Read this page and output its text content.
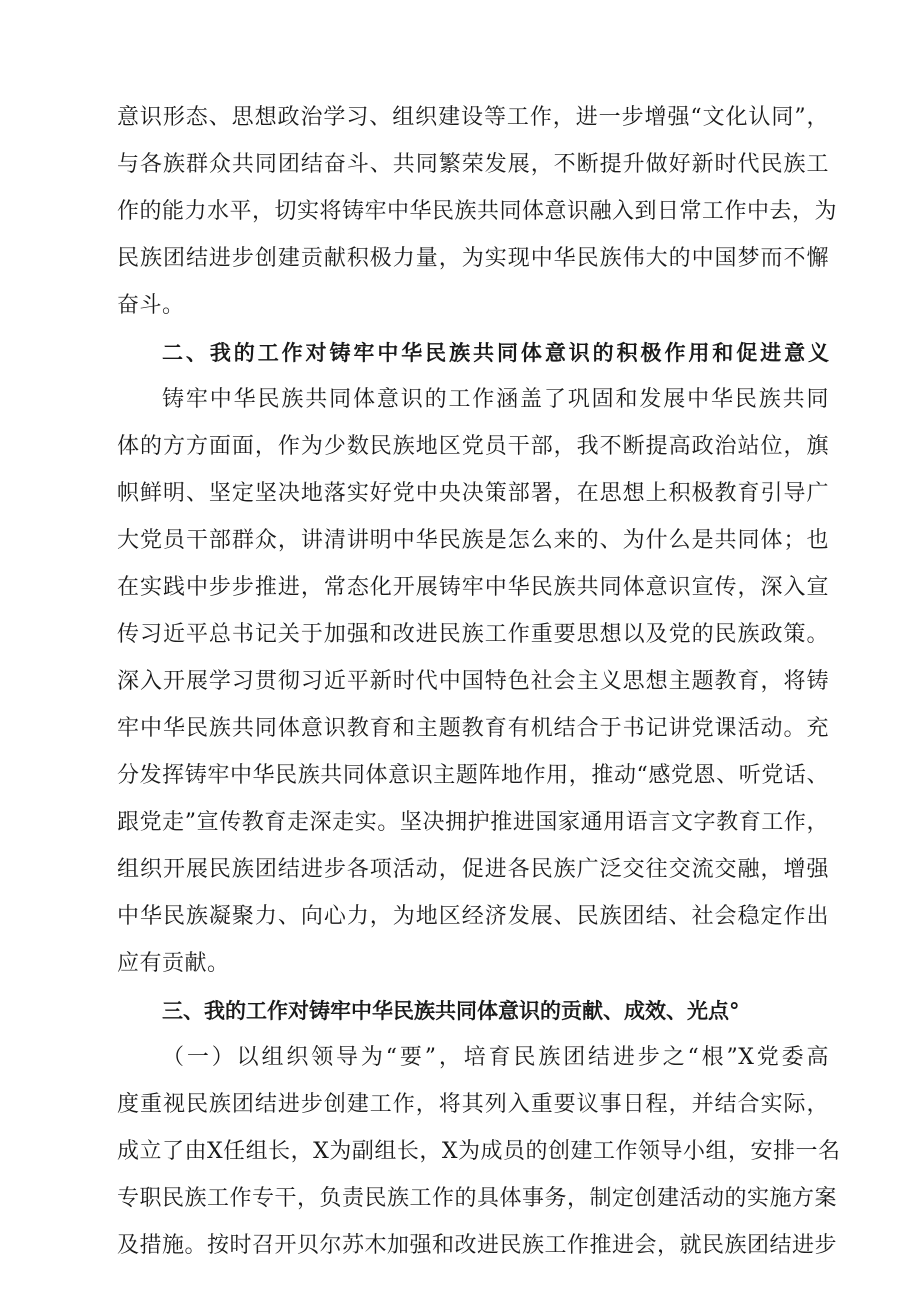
意识形态、思想政治学习、组织建设等工作，进一步增强“文化认同”，
与各族群众共同团结奋斗、共同繁荣发展，不断提升做好新时代民族工
作的能力水平，切实将铸牢中华民族共同体意识融入到日常工作中去，为
民族团结进步创建贡献积极力量，为实现中华民族伟大的中国梦而不懈
奋斗。
二、我的工作对铸牢中华民族共同体意识的积极作用和促进意义
铸牢中华民族共同体意识的工作涵盖了巩固和发展中华民族共同
体的方方面面，作为少数民族地区党员干部，我不断提高政治站位，旗
帜鲜明、坚定坚决地落实好党中央决策部署，在思想上积极教育引导广
大党员干部群众，讲清讲明中华民族是怎么来的、为什么是共同体；也
在实践中步步推进，常态化开展铸牢中华民族共同体意识宣传，深入宣
传习近平总书记关于加强和改进民族工作重要思想以及党的民族政策。
深入开展学习贯彻习近平新时代中国特色社会主义思想主题教育，将铸
牢中华民族共同体意识教育和主题教育有机结合于书记讲党课活动。充
分发挥铸牢中华民族共同体意识主题阵地作用，推动“感党恩、听党话、
跟党走”宣传教育走深走实。坚决拥护推进国家通用语言文字教育工作，
组织开展民族团结进步各项活动，促进各民族广泛交往交流交融，增强
中华民族凝聚力、向心力，为地区经济发展、民族团结、社会稳定作出
应有贡献。
三、我的工作对铸牢中华民族共同体意识的贡献、成效、光点°
（一）以组织领导为“要”，培育民族团结进步之“根”X党委高
度重视民族团结进步创建工作，将其列入重要议事日程，并结合实际，
成立了由X任组长，X为副组长，X为成员的创建工作领导小组，安排一名
专职民族工作专干，负责民族工作的具体事务，制定创建活动的实施方案
及措施。按时召开贝尔苏木加强和改进民族工作推进会，就民族团结进步
